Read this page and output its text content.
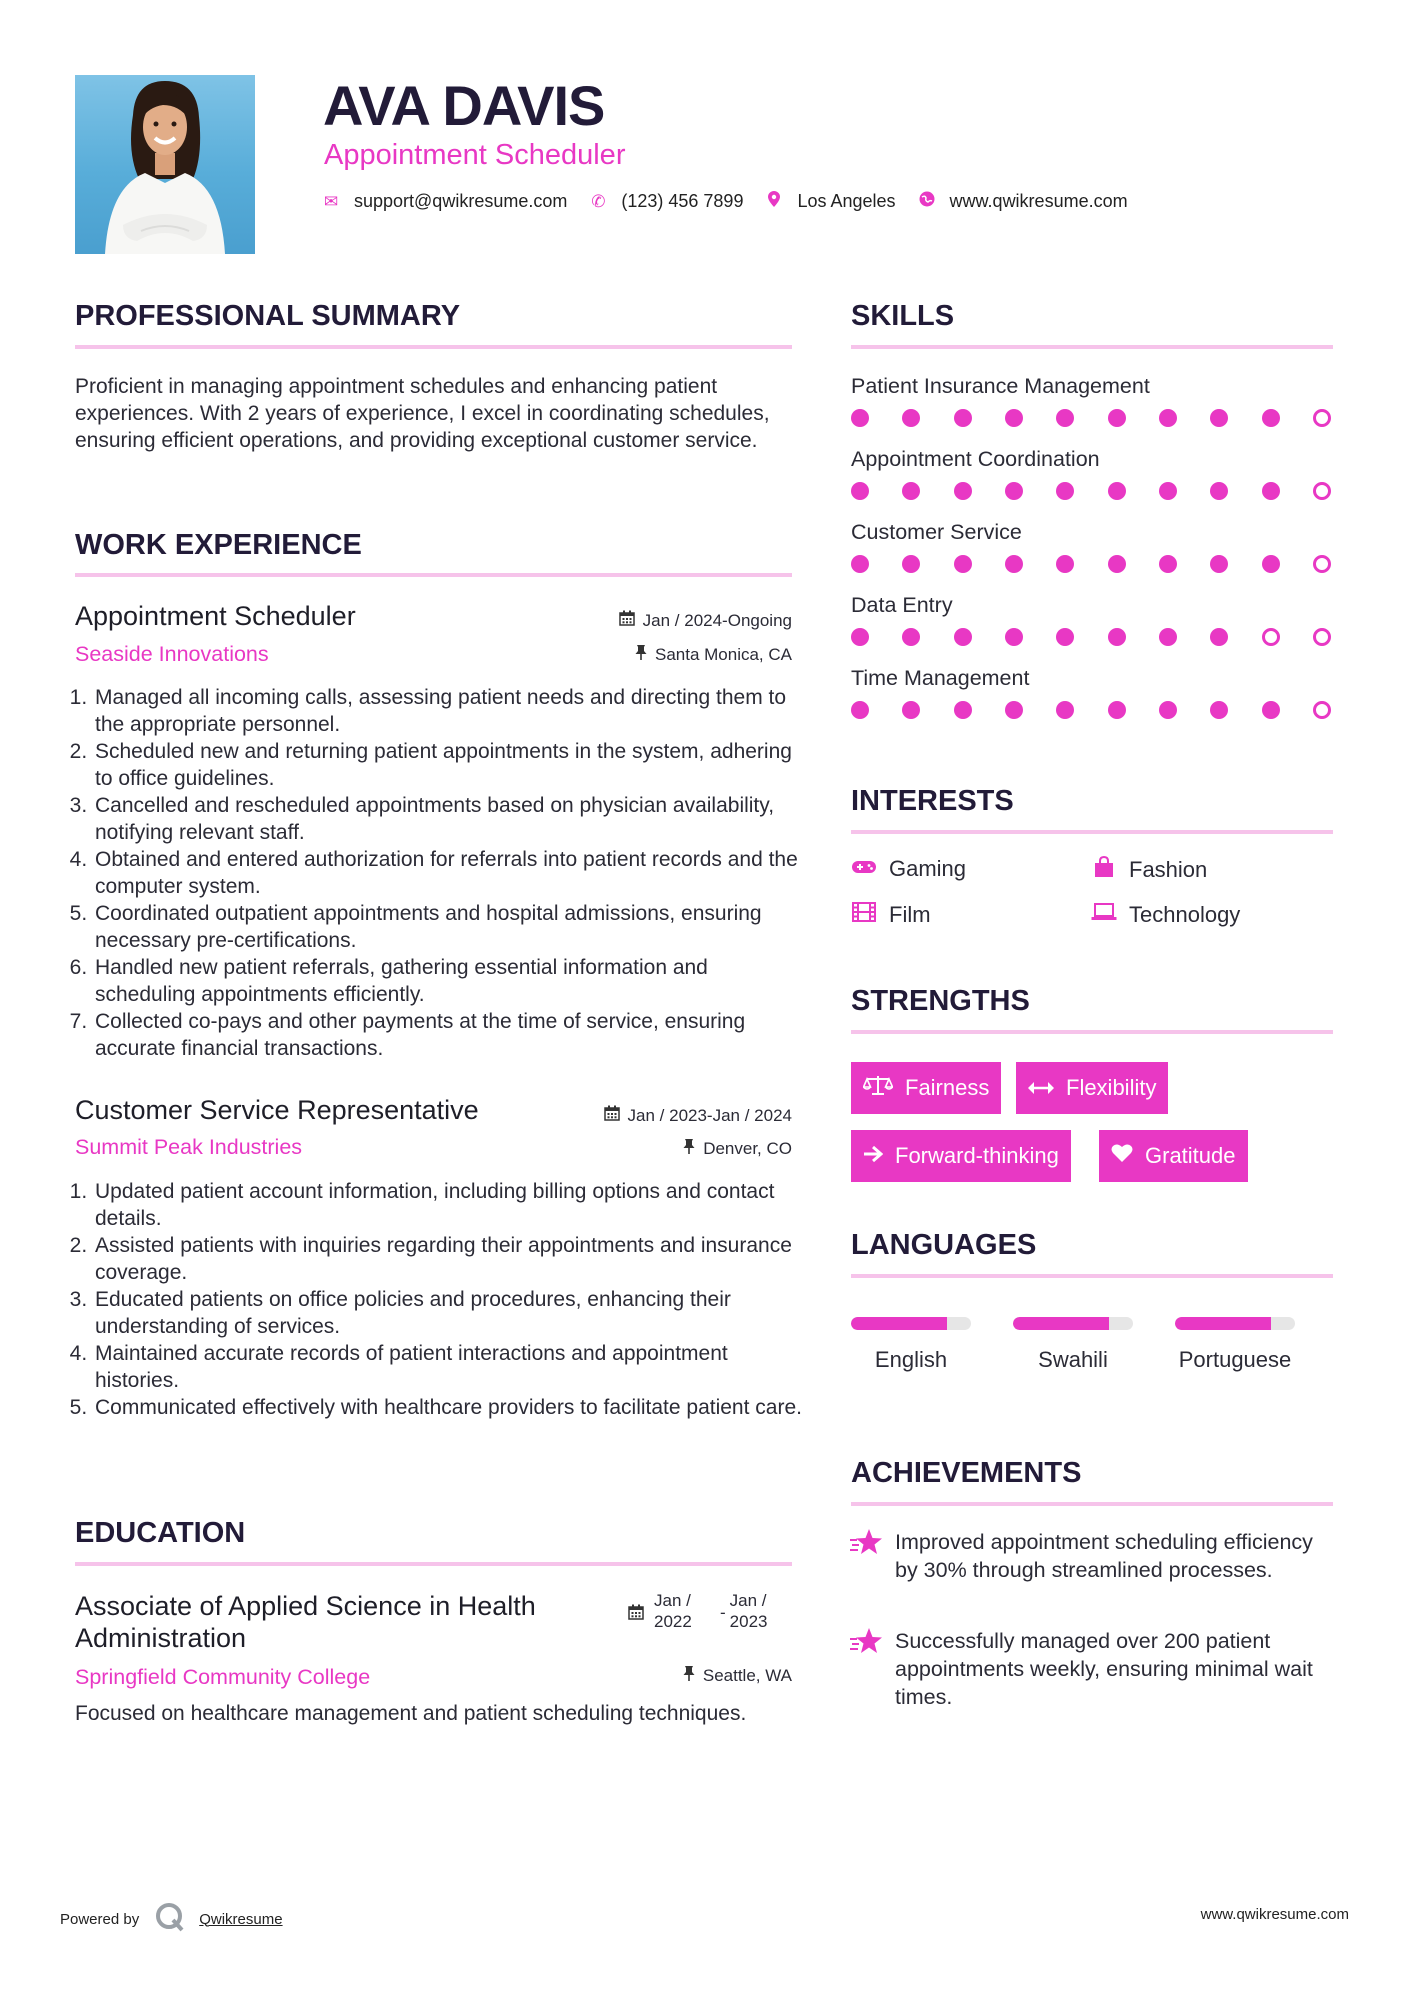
AVA DAVIS
Appointment Scheduler
✉ support@qwikresume.com ✆ (123) 456 7899	Los Angeles	www.qwikresume.com
PROFESSIONAL SUMMARY
Proficient in managing appointment schedules and enhancing patient experiences. With 2 years of experience, I excel in coordinating schedules, ensuring efficient operations, and providing exceptional customer service.
WORK EXPERIENCE
Appointment Scheduler	Jan / 2024-Ongoing
Seaside Innovations	Santa Monica, CA
1. Managed all incoming calls, assessing patient needs and directing them to the appropriate personnel.
2. Scheduled new and returning patient appointments in the system, adhering to office guidelines.
3. Cancelled and rescheduled appointments based on physician availability, notifying relevant staff.
4. Obtained and entered authorization for referrals into patient records and the computer system.
5. Coordinated outpatient appointments and hospital admissions, ensuring necessary pre-certifications.
6. Handled new patient referrals, gathering essential information and scheduling appointments efficiently.
7. Collected co-pays and other payments at the time of service, ensuring accurate financial transactions.
Customer Service Representative	Jan / 2023-Jan / 2024
Summit Peak Industries	Denver, CO
1. Updated patient account information, including billing options and contact details.
2. Assisted patients with inquiries regarding their appointments and insurance coverage.
3. Educated patients on office policies and procedures, enhancing their understanding of services.
4. Maintained accurate records of patient interactions and appointment histories.
5. Communicated effectively with healthcare providers to facilitate patient care.
EDUCATION
Associate of Applied Science in Health Administration
Jan / 2022	-
Jan / 2023
Springfield Community College	Seattle, WA
Focused on healthcare management and patient scheduling techniques.
SKILLS
Patient Insurance Management
Appointment Coordination
Customer Service
Data Entry
Time Management
INTERESTS
Gaming	Fashion
Film	Technology
STRENGTHS
Fairness	Flexibility
Forward-thinking	Gratitude
LANGUAGES
English	Swahili	Portuguese
ACHIEVEMENTS
Improved appointment scheduling efficiency by 30% through streamlined processes.
Successfully managed over 200 patient appointments weekly, ensuring minimal wait times.
Powered by	Qwikresume	www.qwikresume.com
